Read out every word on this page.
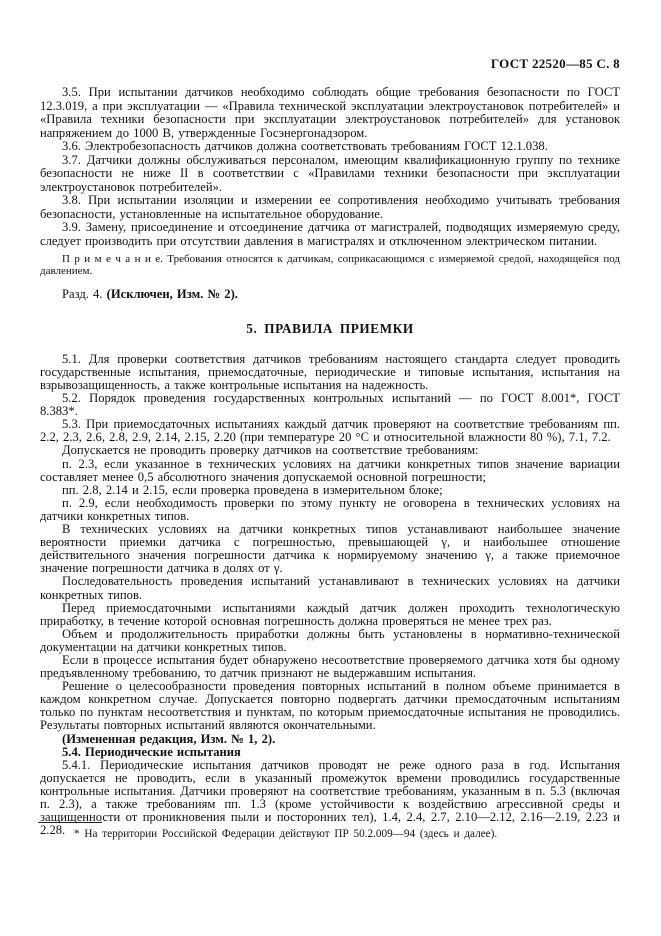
ГОСТ 22520—85 С. 8

3.5. При испытании датчиков необходимо соблюдать общие требования безопасности по ГОСТ 12.3.019, а при эксплуатации — «Правила технической эксплуатации электроустановок потребителей» и «Правила техники безопасности при эксплуатации электроустановок потребителей» для установок напряжением до 1000 В, утвержденные Госэнергонадзором.

3.6. Электробезопасность датчиков должна соответствовать требованиям ГОСТ 12.1.038.

3.7. Датчики должны обслуживаться персоналом, имеющим квалификационную группу по технике безопасности не ниже II в соответствии с «Правилами техники безопасности при эксплуатации электроустановок потребителей».

3.8. При испытании изоляции и измерении ее сопротивления необходимо учитывать требования безопасности, установленные на испытательное оборудование.

3.9. Замену, присоединение и отсоединение датчика от магистралей, подводящих измеряемую среду, следует производить при отсутствии давления в магистралях и отключенном электрическом питании.

П р и м е ч а н и е. Требования относятся к датчикам, соприкасающимся с измеряемой средой, находящейся под давлением.

Разд. 4. (Исключен, Изм. № 2).

5. ПРАВИЛА ПРИЕМКИ

5.1. Для проверки соответствия датчиков требованиям настоящего стандарта следует проводить государственные испытания, приемосдаточные, периодические и типовые испытания, испытания на взрывозащищенность, а также контрольные испытания на надежность.

5.2. Порядок проведения государственных контрольных испытаний — по ГОСТ 8.001*, ГОСТ 8.383*.

5.3. При приемосдаточных испытаниях каждый датчик проверяют на соответствие требованиям пп. 2.2, 2.3, 2.6, 2.8, 2.9, 2.14, 2.15, 2.20 (при температуре 20 °С и относительной влажности 80 %), 7.1, 7.2.

Допускается не проводить проверку датчиков на соответствие требованиям:

п. 2.3, если указанное в технических условиях на датчики конкретных типов значение вариации составляет менее 0,5 абсолютного значения допускаемой основной погрешности;

пп. 2.8, 2.14 и 2.15, если проверка проведена в измерительном блоке;

п. 2.9, если необходимость проверки по этому пункту не оговорена в технических условиях на датчики конкретных типов.

В технических условиях на датчики конкретных типов устанавливают наибольшее значение вероятности приемки датчика с погрешностью, превышающей γ, и наибольшее отношение действительного значения погрешности датчика к нормируемому значению γ, а также приемочное значение погрешности датчика в долях от γ.

Последовательность проведения испытаний устанавливают в технических условиях на датчики конкретных типов.

Перед приемосдаточными испытаниями каждый датчик должен проходить технологическую приработку, в течение которой основная погрешность должна проверяться не менее трех раз.

Объем и продолжительность приработки должны быть установлены в нормативно-технической документации на датчики конкретных типов.

Если в процессе испытания будет обнаружено несоответствие проверяемого датчика хотя бы одному предъявленному требованию, то датчик признают не выдержавшим испытания.

Решение о целесообразности проведения повторных испытаний в полном объеме принимается в каждом конкретном случае. Допускается повторно подвергать датчики премосдаточным испытаниям только по пунктам несоответствия и пунктам, по которым приемосдаточные испытания не проводились. Результаты повторных испытаний являются окончательными.

(Измененная редакция, Изм. № 1, 2).

5.4. Периодические испытания

5.4.1. Периодические испытания датчиков проводят не реже одного раза в год. Испытания допускается не проводить, если в указанный промежуток времени проводились государственные контрольные испытания. Датчики проверяют на соответствие требованиям, указанным в п. 5.3 (включая п. 2.3), а также требованиям пп. 1.3 (кроме устойчивости к воздействию агрессивной среды и защищенности от проникновения пыли и посторонних тел), 1.4, 2.4, 2.7, 2.10—2.12, 2.16—2.19, 2.23 и 2.28. * На территории Российской Федерации действуют ПР 50.2.009—94 (здесь и далее).
